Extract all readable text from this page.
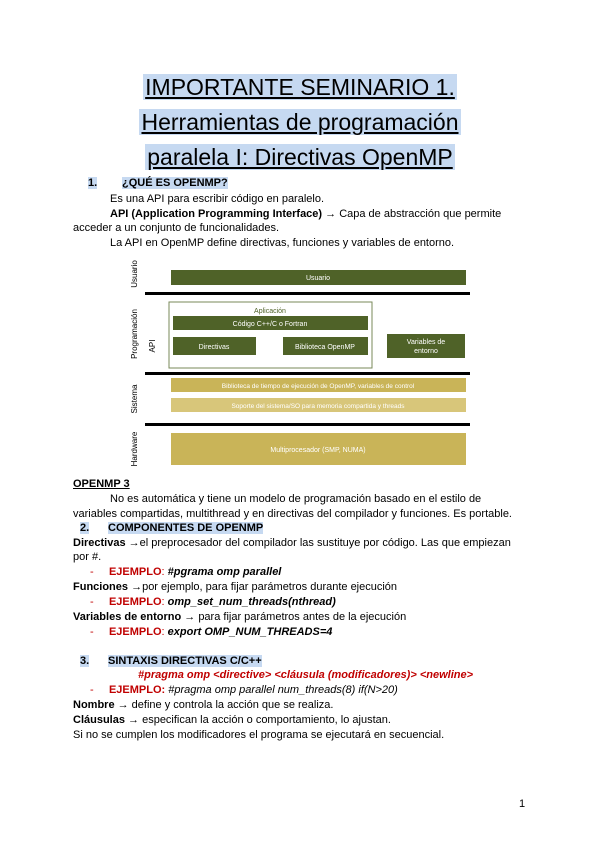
IMPORTANTE SEMINARIO 1.
Herramientas de programación
paralela I: Directivas OpenMP
1. ¿QUÉ ES OPENMP?
Es una API para escribir código en paralelo.
API (Application Programming Interface) → Capa de abstracción que permite
acceder a un conjunto de funcionalidades.
La API en OpenMP define directivas, funciones y variables de entorno.
Usuario
Programación API
Sistema
Hardware
Usuario
Aplicación
Código C++/C o Fortran
Directivas	Biblioteca OpenMP
Variables de
entorno
Biblioteca de tiempo de ejecución de OpenMP, variables de control
Soporte del sistema/SO para memoria compartida y threads
Multiprocesador (SMP, NUMA)
OPENMP 3
No es automática y tiene un modelo de programación basado en el estilo de
variables compartidas, multithread y en directivas del compilador y funciones. Es portable.
2. COMPONENTES DE OPENMP
Directivas →el preprocesador del compilador las sustituye por código. Las que empiezan
por #.
-     EJEMPLO: #pgrama omp parallel
Funciones →por ejemplo, para fijar parámetros durante ejecución
-     EJEMPLO: omp_set_num_threads(nthread)
Variables de entorno → para fijar parámetros antes de la ejecución
-     EJEMPLO: export OMP_NUM_THREADS=4
3. SINTAXIS DIRECTIVAS C/C++
#pragma omp <directive> <cláusula (modificadores)> <newline>
-     EJEMPLO: #pragma omp parallel num_threads(8) if(N>20)
Nombre → define y controla la acción que se realiza.
Cláusulas → especifican la acción o comportamiento, lo ajustan.
Si no se cumplen los modificadores el programa se ejecutará en secuencial.
1
